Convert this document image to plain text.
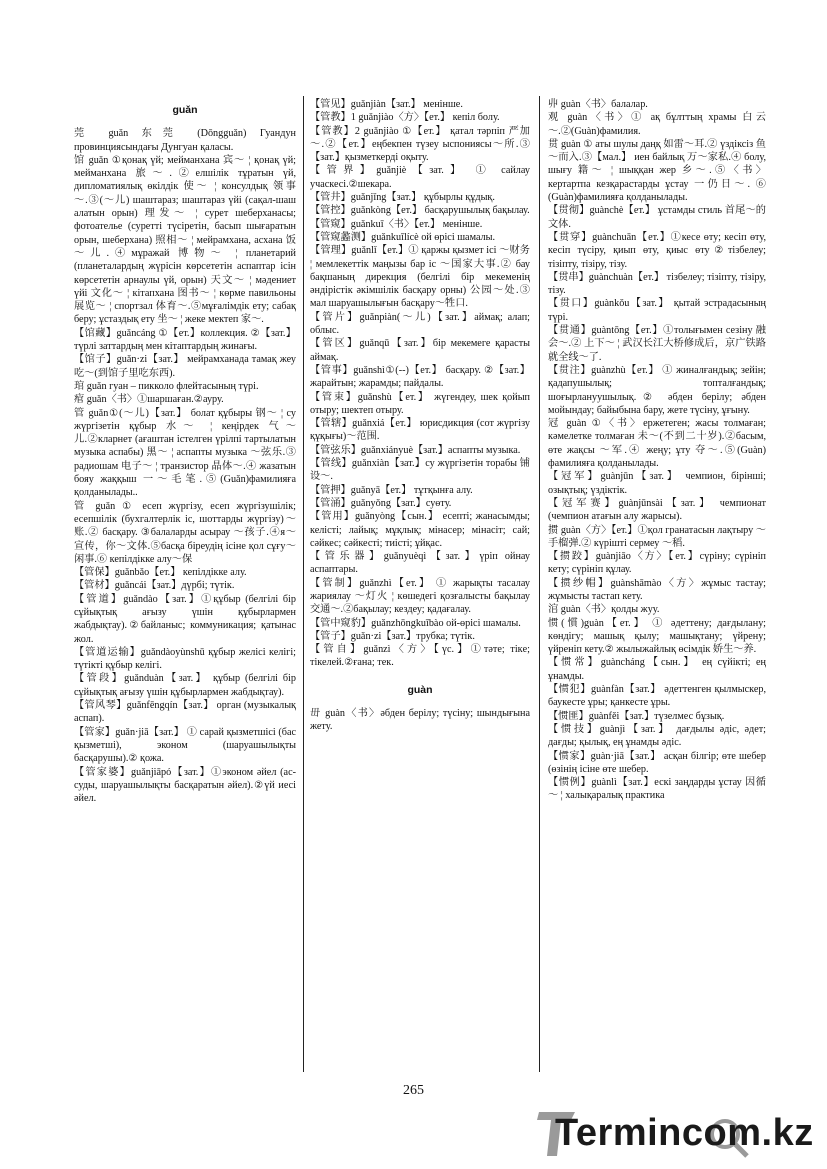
guǎn

莞 guǎn 东莞 (Dōngguǎn) Гуандун провинциясындағы Дунгуан қаласы.

馆 guǎn ①қонақ үй; мейманхана 宾～ ¦ қонақ үй; мейманхана 旅～.②елшілік тұратын үй, дипломатиялық өкілдік 使～ ¦ консулдық 领事～.③(～儿) шаштараз; шаштараз үйі (сақал-шаш алатын орын) 理发～ ¦ сурет шеберханасы; фотоателье (суретті түсіретін, басып шығаратын орын, шеберхана) 照相～ ¦ мейрамхана, асхана 饭～儿.④мұражай 博物～ ¦ планетарий (планеталардың жүрісін көрсететін аспаптар ісін көрсететін арнаулы үй, орын) 天文～ ¦ мәдениет үйі 文化～ ¦ кітапхана 图书～ ¦ көрме павильоны 展览～ ¦ спортзал 体育～.⑤мұғалімдік ету; сабақ беру; ұстаздық ету 坐～ ¦ жеке мектеп 家～.

【馆藏】guǎncáng ①【ет.】коллекция. ②【зат.】 түрлі заттардың мен кітаптардың жинағы.

【馆子】guǎn·zi【зат.】 мейрамханада тамақ жеу 吃～(到馆子里吃东西).

琯 guǎn гуан – пикколо флейтасының түрі.

痯 guǎn〈书〉①шаршаған.②ауру.

管 guǎn①(～儿)【зат.】 болат құбыры 钢～ ¦ су жүргізетін құбыр 水～ ¦ кеңірдек 气～儿.②кларнет (ағаштан істелген үрілпі тартылатын музыка аспабы) 黑～ ¦ аспапты музыка ～弦乐.③ радиошам 电子～ ¦ транзистор 晶体～.④ жазатын бояу жаққыш 一～毛笔.⑤(Guǎn)фамилияға қолданылады..

管 guǎn ① есеп жүргізу, есеп жүргізушілік; есепшілік (бухгалтерлік іс, шоттарды жүргізу)～账.② басқару. ③балаларды асырау ～孩子.④я～宣传，你～文体.⑤басқа біреудің ісіне қол сұғу～闲事.⑥ кепілдікке алу～保

【管保】guǎnbǎo【ет.】 кепілдікке алу.

【管材】guǎncái【зат.】дүрбі; түтік.

【管道】guǎndào【зат.】①құбыр (белгілі бір сұйықтық ағызу үшін құбырлармен жабдықтау).②байланыс; коммуникация; қатынас жол.

【管道运输】guǎndàoyùnshū құбыр желісі келігі; түтікті құбыр келігі.

【管段】guǎnduàn【зат.】 құбыр (белгілі бір сұйықтық ағызу үшін құбырлармен жабдықтау).

【管风琴】guǎnfēngqín【зат.】 орган (музыкалық аспап).

【管家】guǎn·jiā【зат.】 ① сарай қызметшісі (бас қызметші), эконом (шаруашылықты басқарушы).② қожа.

【管家婆】guǎnjiāpó【зат.】①эконом әйел (ас-суды, шаруашылықты басқаратын әйел).②үй иесі әйел.

【管见】guǎnjiàn【зат.】 менінше.

【管教】1 guǎnjiào〈方〉【ет.】 кепіл болу.

【管教】2 guǎnjiào ①【ет.】 қатал тәрпіп 严加～.②【ет.】еңбекпен түзеу ыспониясы～所.③【зат.】қызметкерді оқыту.

【管界】guǎnjiè【зат.】 ① сайлау учаскесі.②шекара.

【管井】guǎnjǐng【зат.】 құбырлы құдық.

【管控】guǎnkòng【ет.】 басқарушылық бақылау.

【管窥】guǎnkuī〈书〉【ет.】 менінше.

【管窥蠡测】guǎnkuīlícè ой өрісі шамалы.

【管理】guǎnlǐ【ет.】① қаржы қызмет ісі ～财务 ¦ мемлекеттік маңызы бар іс ～国家大事.② бау бақшаның дирекция (белгілі бір мекеменің әндірістік әкімшілік басқару орны) 公园～处.③ мал шаруашылығын басқару～牲口.

【管片】guǎnpiàn(～儿)【зат.】аймақ; алап; облыс.

【管区】guǎnqū【зат.】бір мекемеге қарасты аймақ.

【管事】guǎnshì①(--)【ет.】 басқару. ②【зат.】 жарайтын; жарамды; пайдалы.

【管束】guǎnshù【ет.】 жүгендеу, шек қойып отыру; шектеп отыру.

【管辖】guǎnxiá【ет.】 юрисдикция (сот жүргізу құқығы)～范围.

【管弦乐】guǎnxiányuè【зат.】аспапты музыка.

【管线】guǎnxiàn【зат.】су жүргізетін торабы 铺设～.

【管押】guǎnyā【ет.】 тұтқынға алу.

【管涌】guǎnyǒng【зат.】суөту.

【管用】guǎnyòng【сын.】 есепті; жанасымды; келісті; лайық; мұқлық; мінасер; мінасіт; сай; сәйкес; сәйкесті; тиісті; ұйқас.

【管乐器】guǎnyuèqì【зат.】үріп ойнау аспаптары.

【管制】guǎnzhì【ет.】 ① жарықты тасалау жариялау ～灯火 ¦ көшедегі қозғалысты бақылау 交通～.②бақылау; кездеу; қадағалау.

【管中窥豹】guǎnzhōngkuībào ой-өрісі шамалы.

【管子】guǎn·zi【зат.】трубка; түтік.

【管自】guǎnzì〈方〉【үс.】①тәте; тікe; тікелей.②ғана; тек.

guàn

毌 guàn〈书〉әбден берілу; түсіну; шындығына жету.

丱 guàn〈书〉балалар.

观 guàn〈书〉① ақ бұлттың храмы 白云～.②(Guàn)фамилия.

贯 guàn ① аты шулы даңқ 如雷～耳.② үздіксіз 鱼～而入.③【мал.】 иен байлық 万～家私.④ болу, шығу 籍～ ¦ шыққан жер 乡～.⑤〈书〉 кертартпа кезқарастарды ұстау 一仍日～. ⑥ (Guàn)фамилияға қолданылады.

【贯彻】guànchè【ет.】 ұстамды стиль 首尾～的文体.

【贯穿】guànchuān【ет.】①кесе өту; кесіп өту, кесіп түсіру, қиып өту, қиыс өту②тізбелеу; тізіпту, тізіру, тізу.

【贯串】guànchuàn【ет.】 тізбелеу; тізіпту, тізіру, тізу.

【贯口】guànkǒu【зат.】 қытай эстрадасының түрі.

【贯通】guàntōng【ет.】①толығымен сезіну 融会～.② 上下～ ¦ 武汉长江大桥修成后，京广铁路就全线～了.

【贯注】guànzhù【ет.】 ① жиналғандық; зейін; қадапушылық; топталғандық; шоғырлануушылық.② әбден берілу; әбден мойындау; байыбына бару, жете түсіну, ұғыну.

冠 guàn ①〈书〉ержетеген; жасы толмаған; кәмелетке толмаған 未～(不到二十岁).②басым, өте жақсы ～军.④ жеңу; ұту 夺～.⑤(Guàn) фамилияға қолданылады.

【冠军】guànjūn【зат.】 чемпион, бірінші; озықтық; үздіктік.

【冠军赛】guànjūnsài【зат.】 чемпионат (чемпион атағын алу жарысы).

掼 guàn〈方〉【ет.】①қол гранатасын лақтыру ～手榴弹.② күрішті сермеу ～稻.

【掼跤】guànjiāo〈方〉【ет.】сүріну; сүрініп кету; сүрініп құлау.

【掼纱帽】guànshāmào〈方〉жұмыс тастау; жұмысты тастап кету.

涫 guàn〈书〉қолды жуу.

惯(慣)guàn【ет.】 ① әдеттену; дағдылану; көндігу; машық қылу; машықтану; үйрену; үйреніп кету.② жылыжайлық өсімдік 娇生～养.

【惯常】guàncháng【сын.】 ең сүйікті; ең ұнамды.

【惯犯】guànfàn【зат.】 әдеттенген қылмыскер, баукесте ұры; қанкесте ұры.

【惯匪】guànfěi【зат.】түзелмес бұзық.

【惯技】guànjì【зат.】 дағдылы әдіс, әдет; дағды; қылық, ең ұнамды әдіс.

【惯家】guàn·jiā【зат.】 асқан білгір; өте шебер (өзінің ісіне өте шебер.

【惯例】guànlì【зат.】ескі заңдарды ұстау 因循～ ¦ халықаралық практика

265
Termincom.kz
